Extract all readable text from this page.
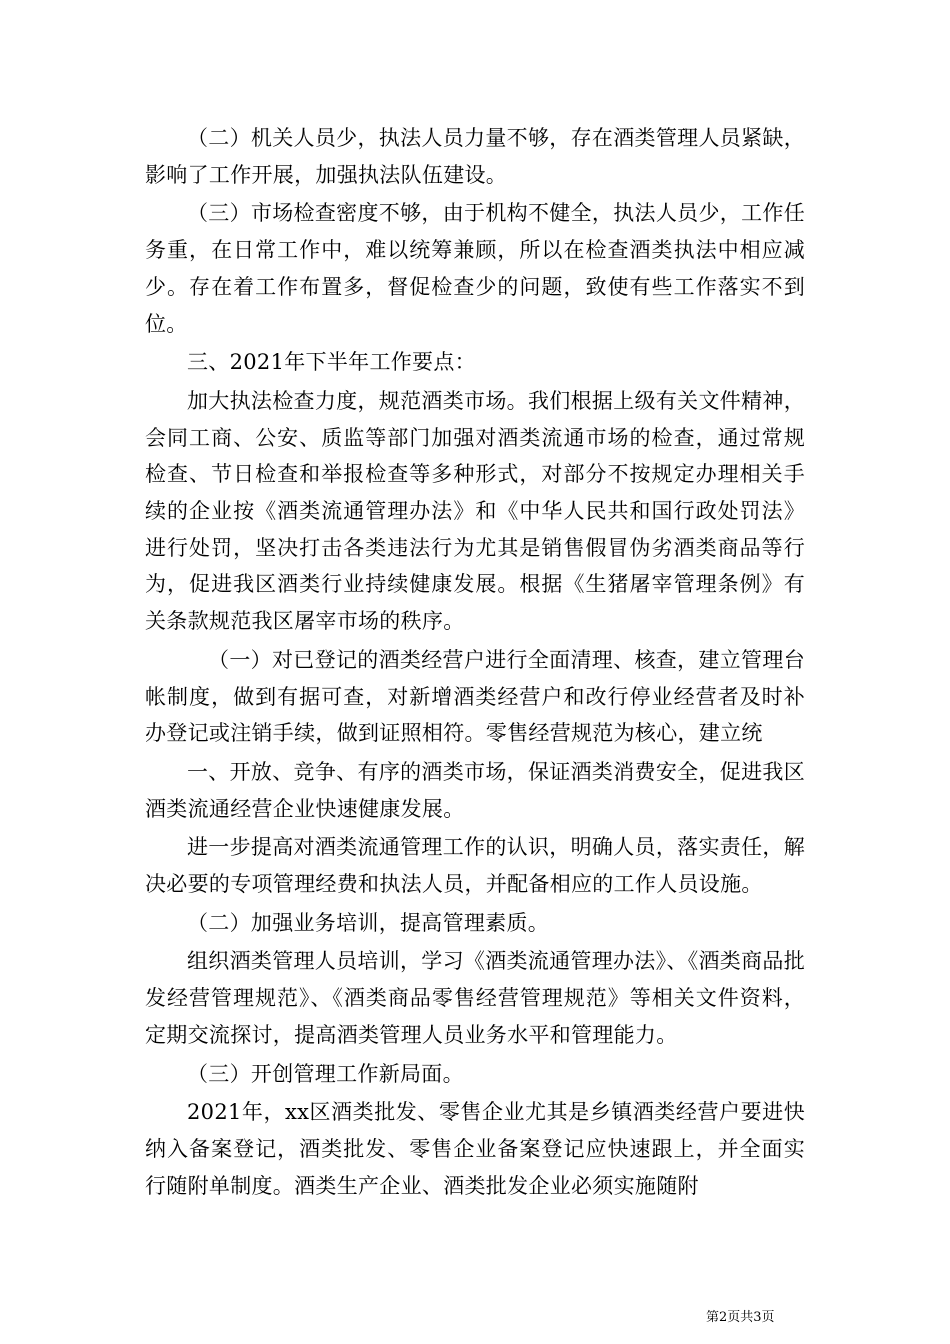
（二）机关人员少，执法人员力量不够，存在酒类管理人员紧缺，影响了工作开展，加强执法队伍建设。

（三）市场检查密度不够，由于机构不健全，执法人员少，工作任务重，在日常工作中，难以统筹兼顾，所以在检查酒类执法中相应减少。存在着工作布置多，督促检查少的问题，致使有些工作落实不到位。

三、2021年下半年工作要点：

加大执法检查力度，规范酒类市场。我们根据上级有关文件精神，会同工商、公安、质监等部门加强对酒类流通市场的检查，通过常规检查、节日检查和举报检查等多种形式，对部分不按规定办理相关手续的企业按《酒类流通管理办法》和《中华人民共和国行政处罚法》进行处罚，坚决打击各类违法行为尤其是销售假冒伪劣酒类商品等行为，促进我区酒类行业持续健康发展。根据《生猪屠宰管理条例》有关条款规范我区屠宰市场的秩序。

（一）对已登记的酒类经营户进行全面清理、核查，建立管理台帐制度，做到有据可查，对新增酒类经营户和改行停业经营者及时补办登记或注销手续，做到证照相符。零售经营规范为核心，建立统

一、开放、竞争、有序的酒类市场，保证酒类消费安全，促进我区酒类流通经营企业快速健康发展。

进一步提高对酒类流通管理工作的认识，明确人员，落实责任，解决必要的专项管理经费和执法人员，并配备相应的工作人员设施。

（二）加强业务培训，提高管理素质。

组织酒类管理人员培训，学习《酒类流通管理办法》、《酒类商品批发经营管理规范》、《酒类商品零售经营管理规范》等相关文件资料，定期交流探讨，提高酒类管理人员业务水平和管理能力。

（三）开创管理工作新局面。

2021年，xx区酒类批发、零售企业尤其是乡镇酒类经营户要进快纳入备案登记，酒类批发、零售企业备案登记应快速跟上，并全面实行随附单制度。酒类生产企业、酒类批发企业必须实施随附

第2页共3页
